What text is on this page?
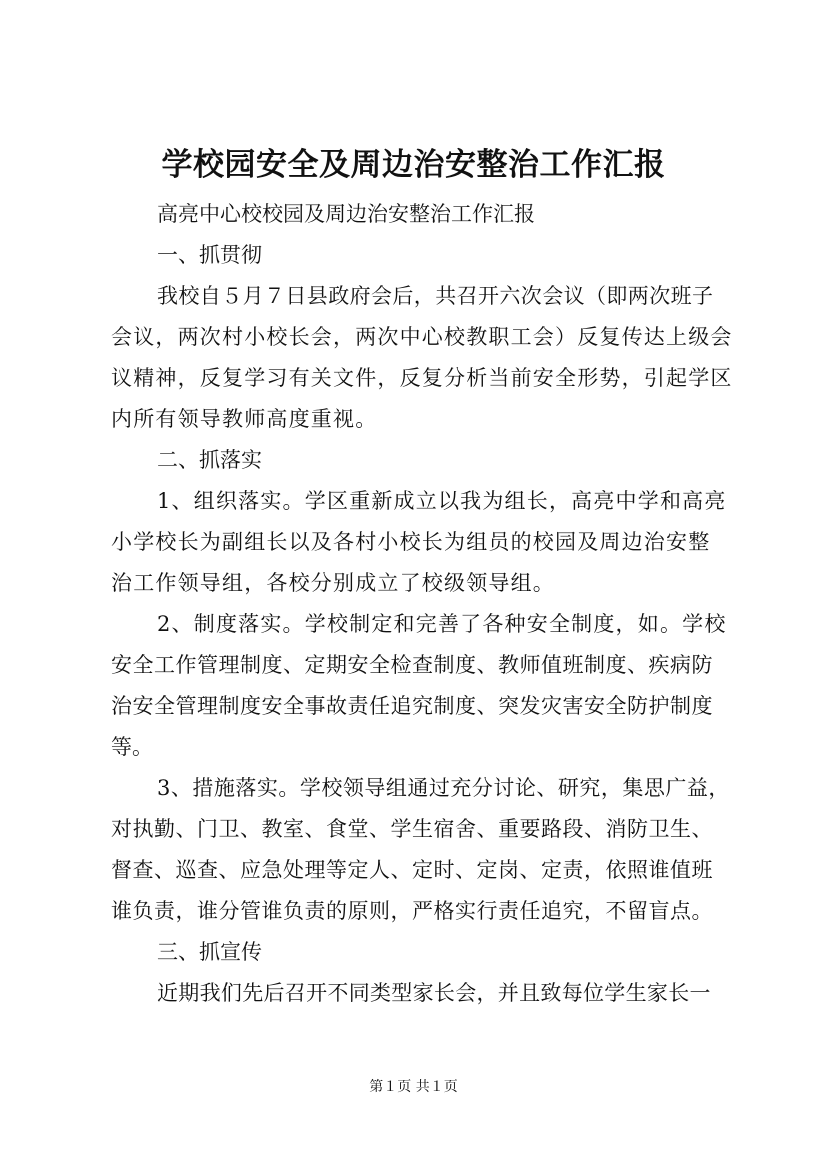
学校园安全及周边治安整治工作汇报
高亮中心校校园及周边治安整治工作汇报
一、抓贯彻
我校自５月７日县政府会后，共召开六次会议（即两次班子
会议，两次村小校长会，两次中心校教职工会）反复传达上级会
议精神，反复学习有关文件，反复分析当前安全形势，引起学区
内所有领导教师高度重视。
二、抓落实
1、组织落实。学区重新成立以我为组长，高亮中学和高亮
小学校长为副组长以及各村小校长为组员的校园及周边治安整
治工作领导组，各校分别成立了校级领导组。
2、制度落实。学校制定和完善了各种安全制度，如。学校
安全工作管理制度、定期安全检查制度、教师值班制度、疾病防
治安全管理制度安全事故责任追究制度、突发灾害安全防护制度
等。
3、措施落实。学校领导组通过充分讨论、研究，集思广益，
对执勤、门卫、教室、食堂、学生宿舍、重要路段、消防卫生、
督查、巡查、应急处理等定人、定时、定岗、定责，依照谁值班
谁负责，谁分管谁负责的原则，严格实行责任追究，不留盲点。
三、抓宣传
近期我们先后召开不同类型家长会，并且致每位学生家长一
第１页 共１页
